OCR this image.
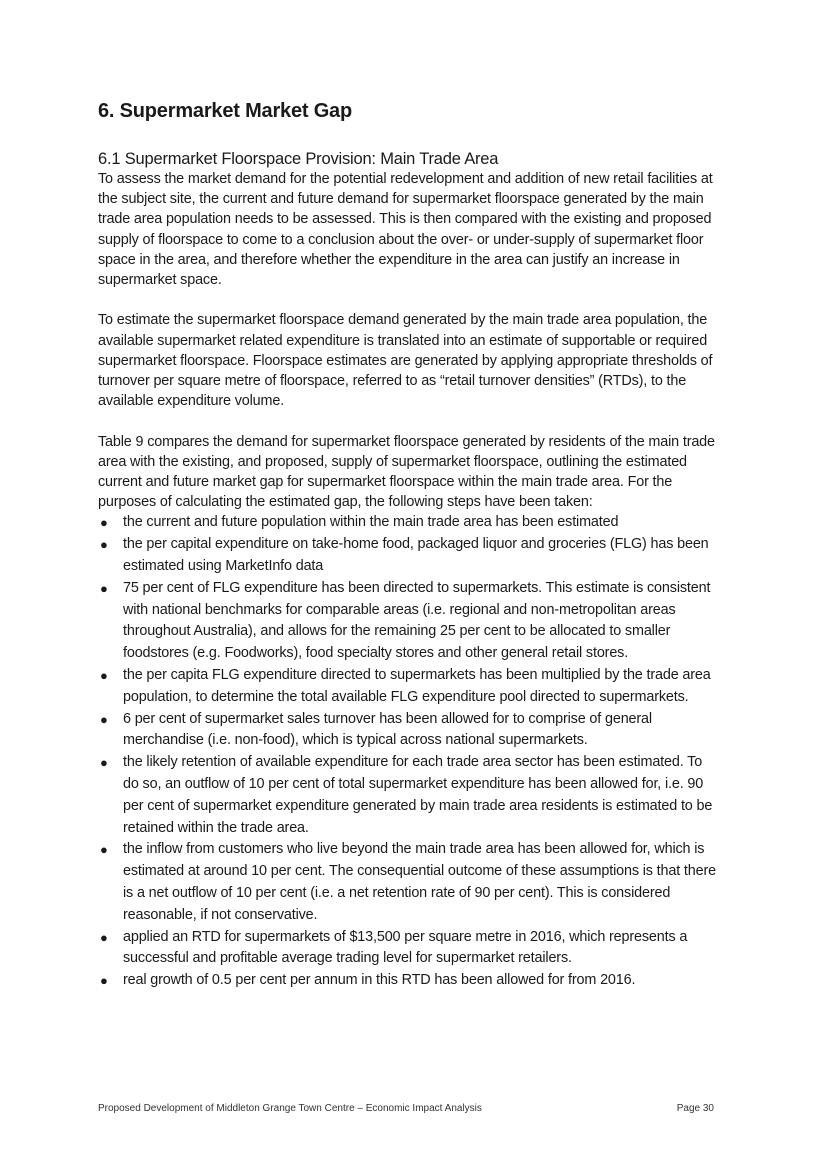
6. Supermarket Market Gap
6.1 Supermarket Floorspace Provision: Main Trade Area

To assess the market demand for the potential redevelopment and addition of new retail facilities at the subject site, the current and future demand for supermarket floorspace generated by the main trade area population needs to be assessed. This is then compared with the existing and proposed supply of floorspace to come to a conclusion about the over- or under-supply of supermarket floor space in the area, and therefore whether the expenditure in the area can justify an increase in supermarket space.

To estimate the supermarket floorspace demand generated by the main trade area population, the available supermarket related expenditure is translated into an estimate of supportable or required supermarket floorspace. Floorspace estimates are generated by applying appropriate thresholds of turnover per square metre of floorspace, referred to as “retail turnover densities” (RTDs), to the available expenditure volume.

Table 9 compares the demand for supermarket floorspace generated by residents of the main trade area with the existing, and proposed, supply of supermarket floorspace, outlining the estimated current and future market gap for supermarket floorspace within the main trade area. For the purposes of calculating the estimated gap, the following steps have been taken:

● the current and future population within the main trade area has been estimated
● the per capital expenditure on take-home food, packaged liquor and groceries (FLG) has been estimated using MarketInfo data
● 75 per cent of FLG expenditure has been directed to supermarkets. This estimate is consistent with national benchmarks for comparable areas (i.e. regional and non-metropolitan areas throughout Australia), and allows for the remaining 25 per cent to be allocated to smaller foodstores (e.g. Foodworks), food specialty stores and other general retail stores.
● the per capita FLG expenditure directed to supermarkets has been multiplied by the trade area population, to determine the total available FLG expenditure pool directed to supermarkets.
● 6 per cent of supermarket sales turnover has been allowed for to comprise of general merchandise (i.e. non-food), which is typical across national supermarkets.
● the likely retention of available expenditure for each trade area sector has been estimated. To do so, an outflow of 10 per cent of total supermarket expenditure has been allowed for, i.e. 90 per cent of supermarket expenditure generated by main trade area residents is estimated to be retained within the trade area.
● the inflow from customers who live beyond the main trade area has been allowed for, which is estimated at around 10 per cent. The consequential outcome of these assumptions is that there is a net outflow of 10 per cent (i.e. a net retention rate of 90 per cent). This is considered reasonable, if not conservative.
● applied an RTD for supermarkets of $13,500 per square metre in 2016, which represents a successful and profitable average trading level for supermarket retailers.
● real growth of 0.5 per cent per annum in this RTD has been allowed for from 2016.
Proposed Development of Middleton Grange Town Centre – Economic Impact Analysis	Page 30
